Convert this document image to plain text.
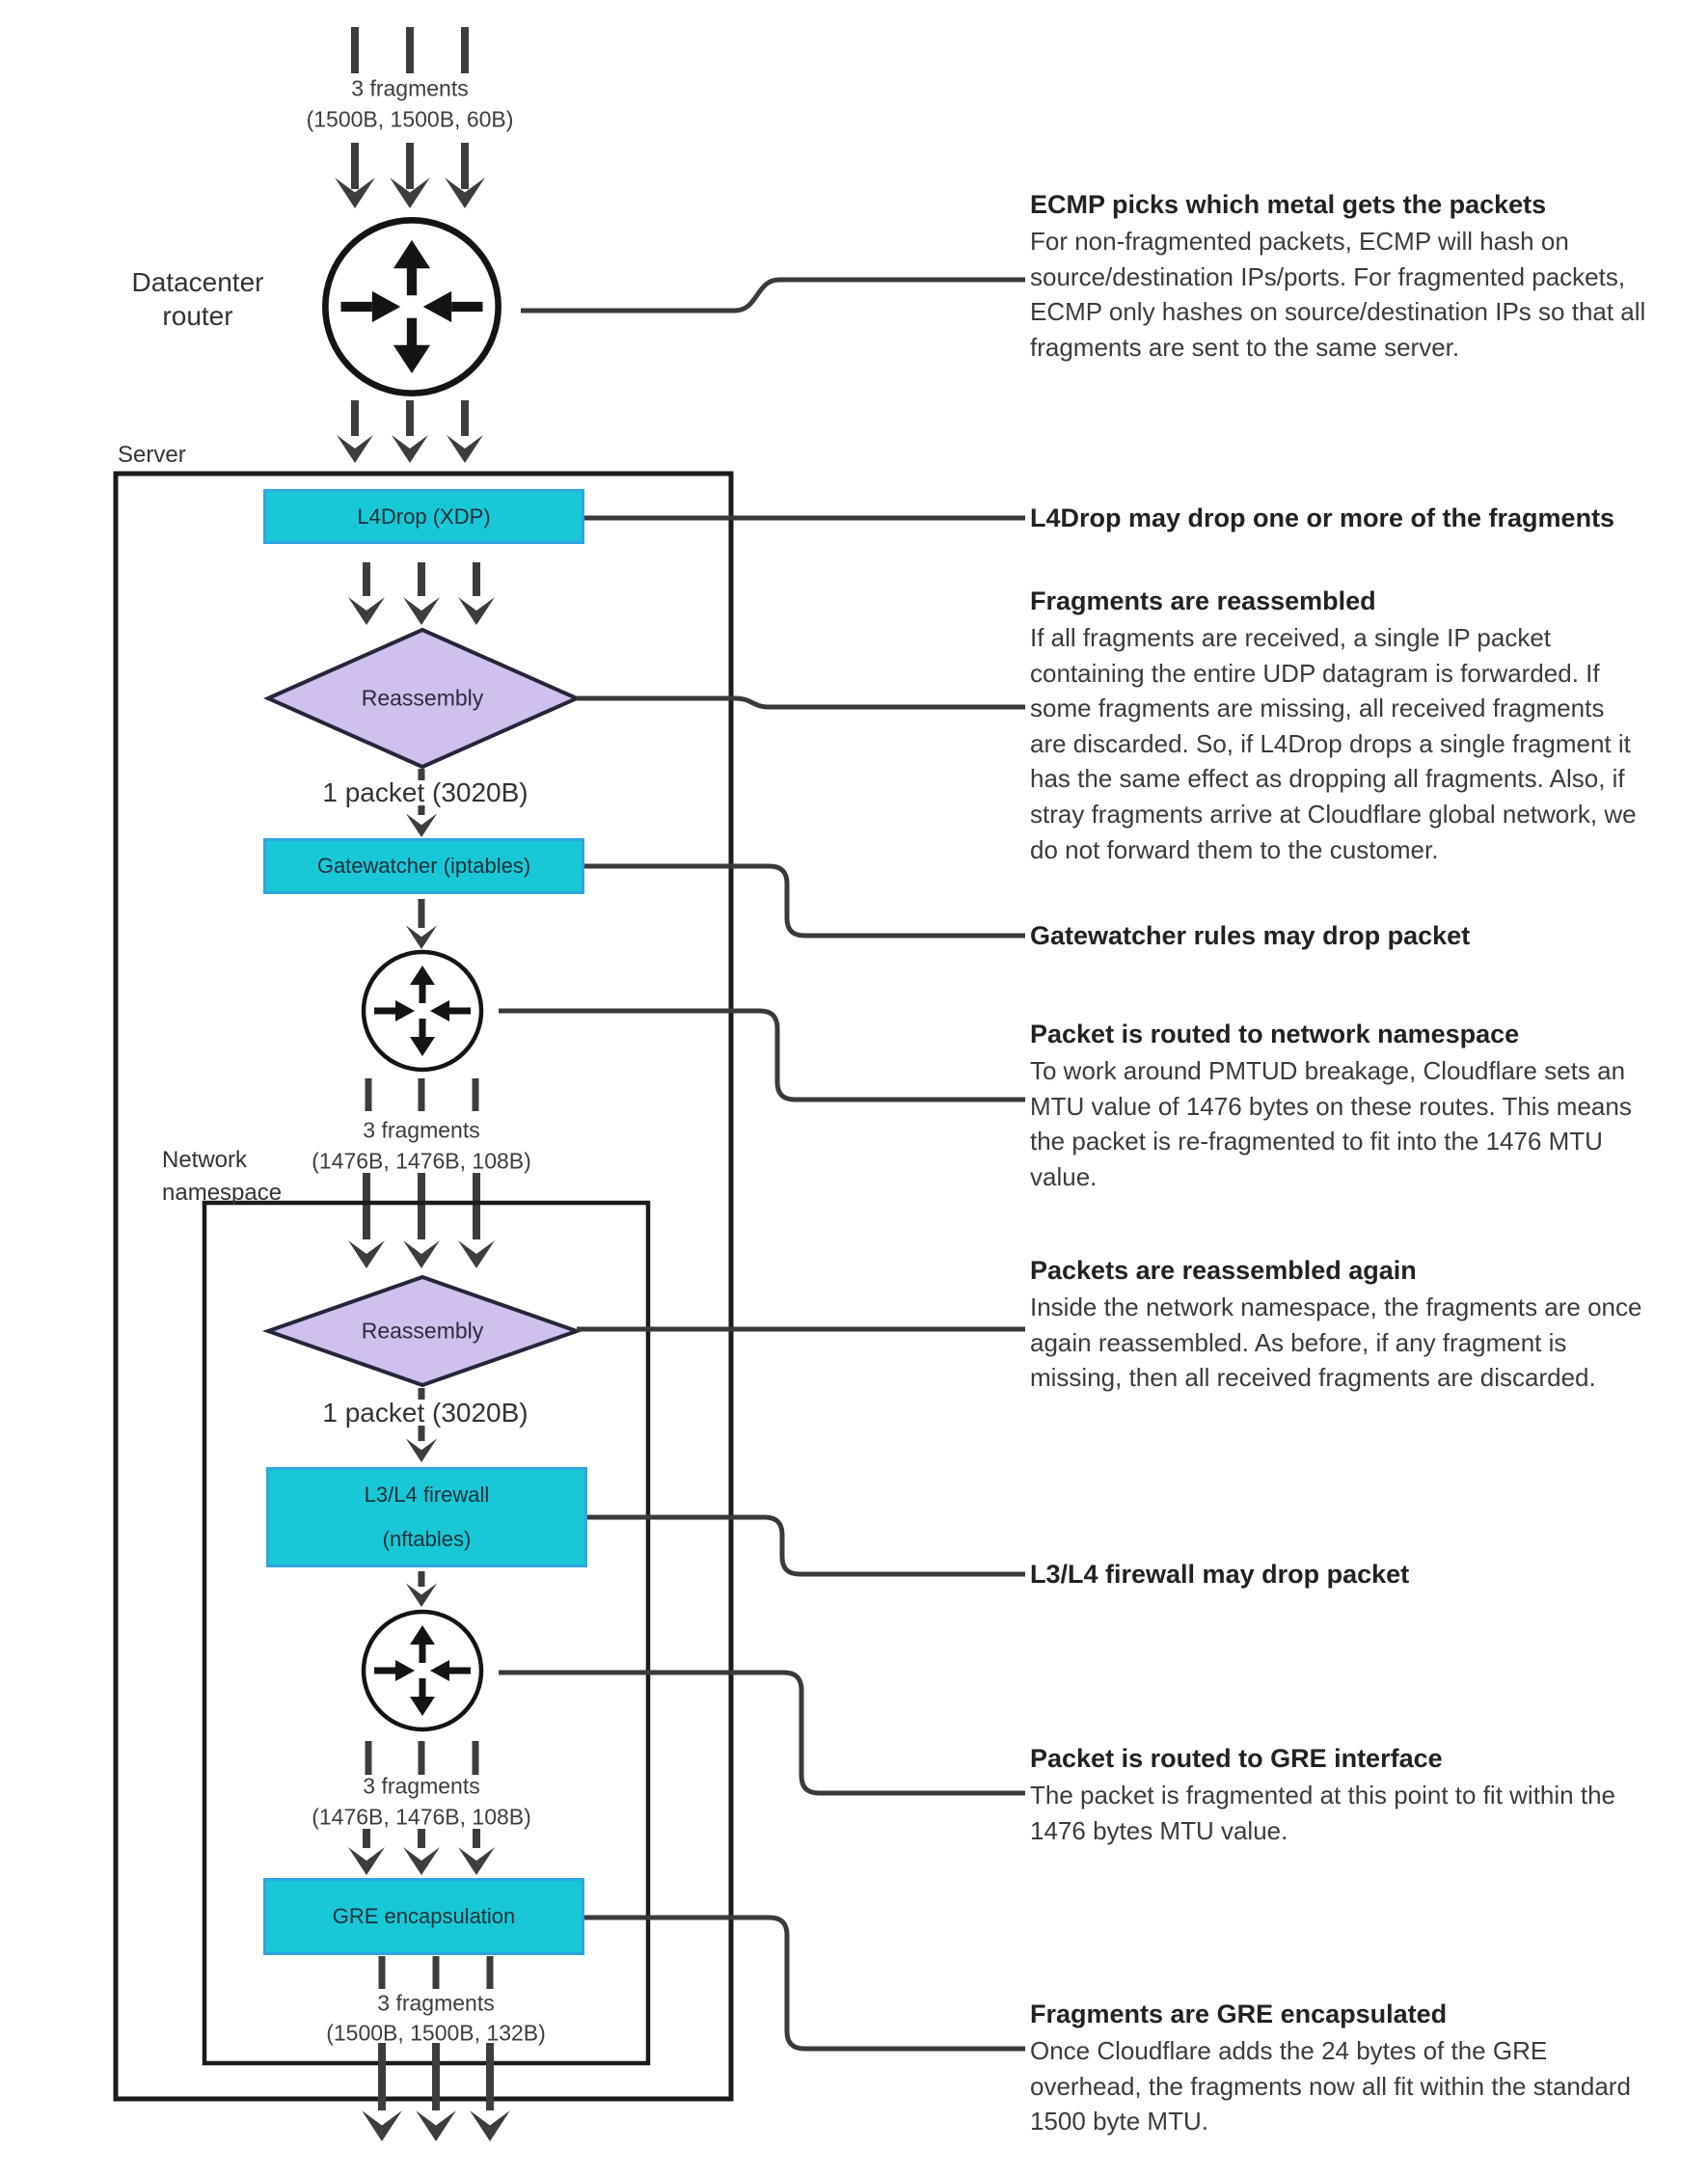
3 fragments
(1500B, 1500B, 60B)
Datacenter router
Server
L4Drop (XDP)
Reassembly
1 packet (3020B)
Gatewatcher (iptables)
3 fragments
(1476B, 1476B, 108B)
Network namespace
Reassembly
1 packet (3020B)
L3/L4 firewall
(nftables)
3 fragments
(1476B, 1476B, 108B)
GRE encapsulation
3 fragments
(1500B, 1500B, 132B)
ECMP picks which metal gets the packets
For non-fragmented packets, ECMP will hash on
source/destination IPs/ports. For fragmented packets,
ECMP only hashes on source/destination IPs so that all
fragments are sent to the same server.
L4Drop may drop one or more of the fragments
Fragments are reassembled
If all fragments are received, a single IP packet
containing the entire UDP datagram is forwarded. If
some fragments are missing, all received fragments
are discarded. So, if L4Drop drops a single fragment it
has the same effect as dropping all fragments. Also, if
stray fragments arrive at Cloudflare global network, we
do not forward them to the customer.
Gatewatcher rules may drop packet
Packet is routed to network namespace
To work around PMTUD breakage, Cloudflare sets an
MTU value of 1476 bytes on these routes. This means
the packet is re-fragmented to fit into the 1476 MTU
value.
Packets are reassembled again
Inside the network namespace, the fragments are once
again reassembled. As before, if any fragment is
missing, then all received fragments are discarded.
L3/L4 firewall may drop packet
Packet is routed to GRE interface
The packet is fragmented at this point to fit within the
1476 bytes MTU value.
Fragments are GRE encapsulated
Once Cloudflare adds the 24 bytes of the GRE
overhead, the fragments now all fit within the standard
1500 byte MTU.
